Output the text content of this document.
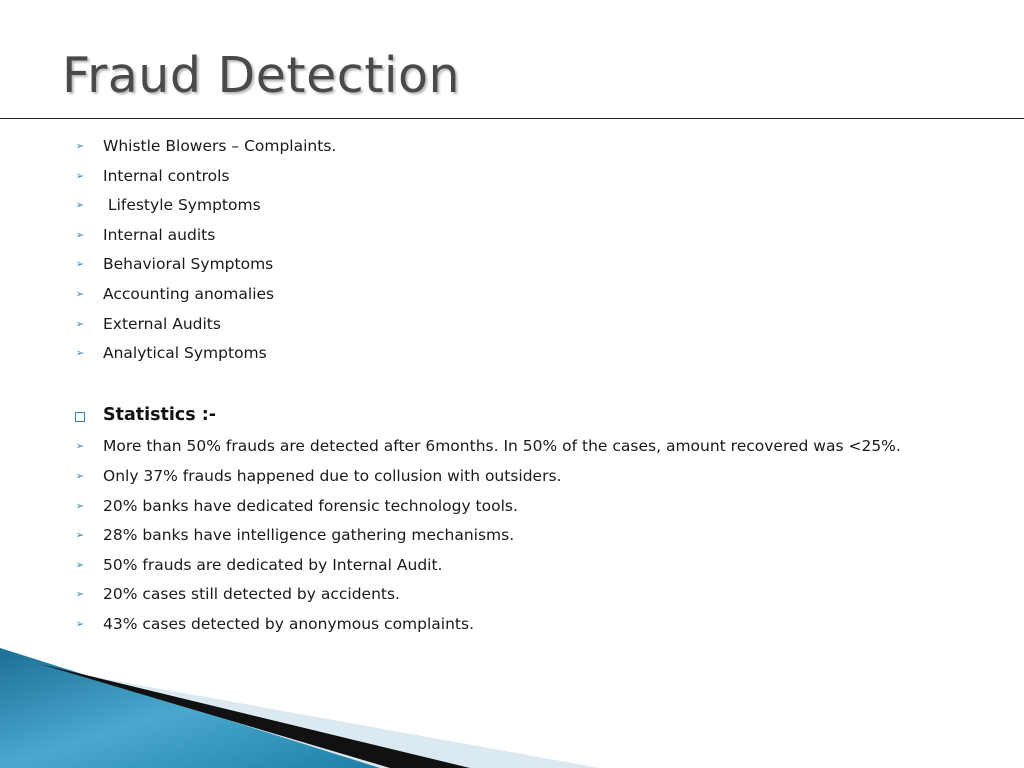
Fraud Detection
➢ Whistle Blowers – Complaints.
➢ Internal controls
➢ Lifestyle Symptoms
➢ Internal audits
➢ Behavioral Symptoms
➢ Accounting anomalies
➢ External Audits
➢ Analytical Symptoms
Statistics :-
➢ More than 50% frauds are detected after 6months. In 50% of the cases, amount recovered was <25%.
➢ Only 37% frauds happened due to collusion with outsiders.
➢ 20% banks have dedicated forensic technology tools.
➢ 28% banks have intelligence gathering mechanisms.
➢ 50% frauds are dedicated by Internal Audit.
➢ 20% cases still detected by accidents.
➢ 43% cases detected by anonymous complaints.
